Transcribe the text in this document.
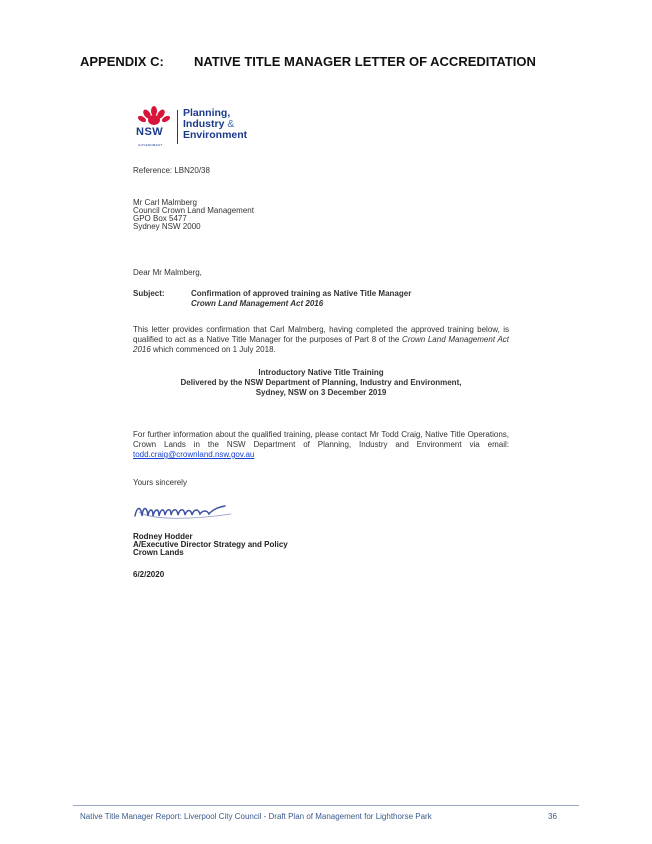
APPENDIX C: NATIVE TITLE MANAGER LETTER OF ACCREDITATION
NSW
GOVERNMENT
Planning,
Industry &
Environment
Reference: LBN20/38
Mr Carl Malmberg
Council Crown Land Management
GPO Box 5477
Sydney NSW 2000
Dear Mr Malmberg,
Subject:	Confirmation of approved training as Native Title Manager
Crown Land Management Act 2016
This letter provides confirmation that Carl Malmberg, having completed the approved training below, is qualified to act as a Native Title Manager for the purposes of Part 8 of the Crown Land Management Act 2016 which commenced on 1 July 2018.
Introductory Native Title Training
Delivered by the NSW Department of Planning, Industry and Environment,
Sydney, NSW on 3 December 2019
For further information about the qualified training, please contact Mr Todd Craig, Native Title Operations, Crown Lands in the NSW Department of Planning, Industry and Environment via email: todd.craig@crownland.nsw.gov.au
Yours sincerely
Rodney Hodder
A/Executive Director Strategy and Policy
Crown Lands
6/2/2020
Native Title Manager Report: Liverpool City Council - Draft Plan of Management for Lighthorse Park	36
